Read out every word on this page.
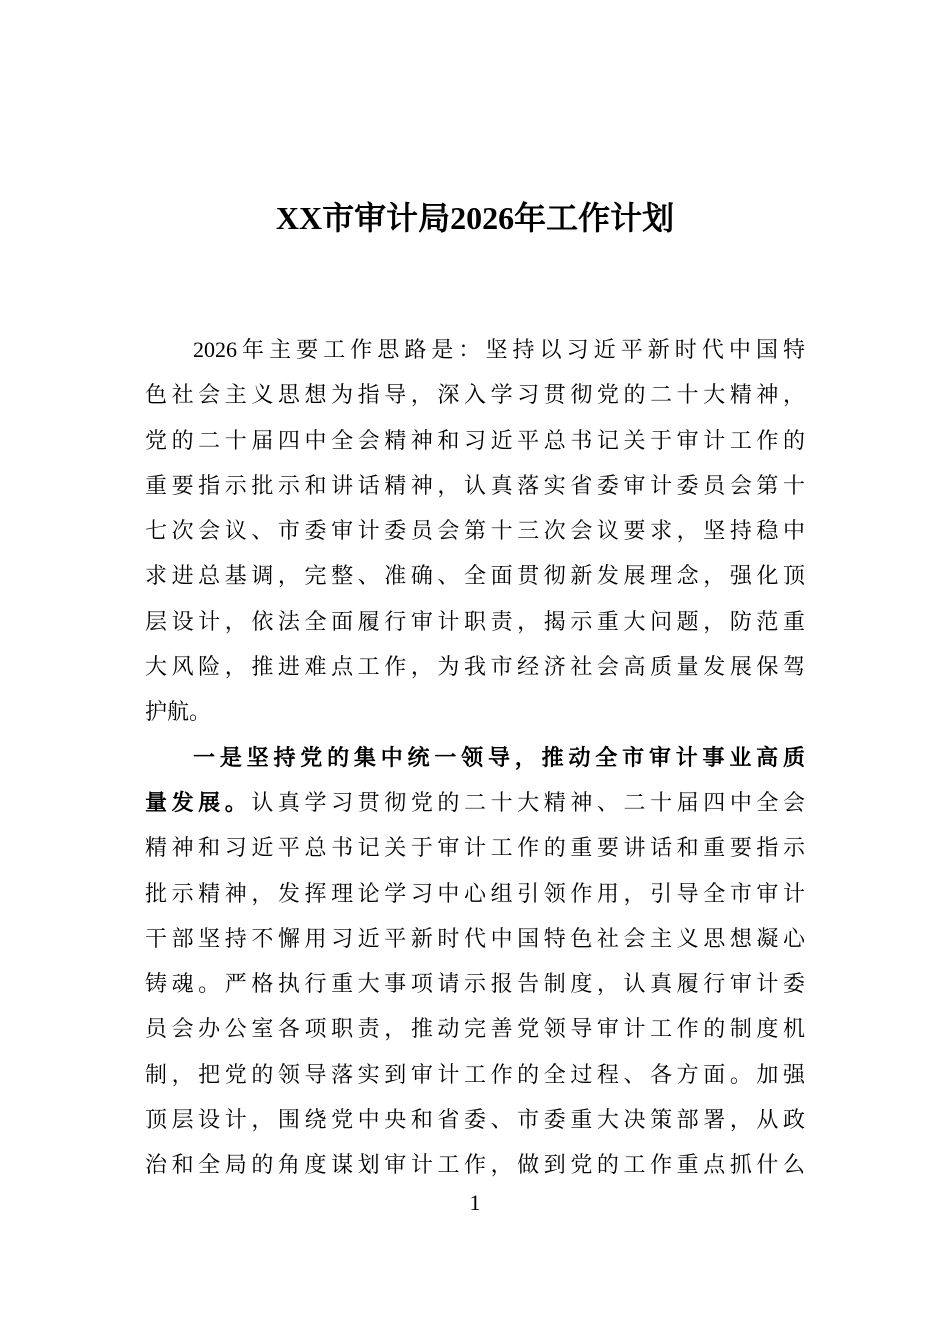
XX市审计局2026年工作计划
2026年主要工作思路是：坚持以习近平新时代中国特
色社会主义思想为指导，深入学习贯彻党的二十大精神，
党的二十届四中全会精神和习近平总书记关于审计工作的
重要指示批示和讲话精神，认真落实省委审计委员会第十
七次会议、市委审计委员会第十三次会议要求，坚持稳中
求进总基调，完整、准确、全面贯彻新发展理念，强化顶
层设计，依法全面履行审计职责，揭示重大问题，防范重
大风险，推进难点工作，为我市经济社会高质量发展保驾
护航。
一是坚持党的集中统一领导，推动全市审计事业高质
量发展。认真学习贯彻党的二十大精神、二十届四中全会
精神和习近平总书记关于审计工作的重要讲话和重要指示
批示精神，发挥理论学习中心组引领作用，引导全市审计
干部坚持不懈用习近平新时代中国特色社会主义思想凝心
铸魂。严格执行重大事项请示报告制度，认真履行审计委
员会办公室各项职责，推动完善党领导审计工作的制度机
制，把党的领导落实到审计工作的全过程、各方面。加强
顶层设计，围绕党中央和省委、市委重大决策部署，从政
治和全局的角度谋划审计工作，做到党的工作重点抓什么
1
